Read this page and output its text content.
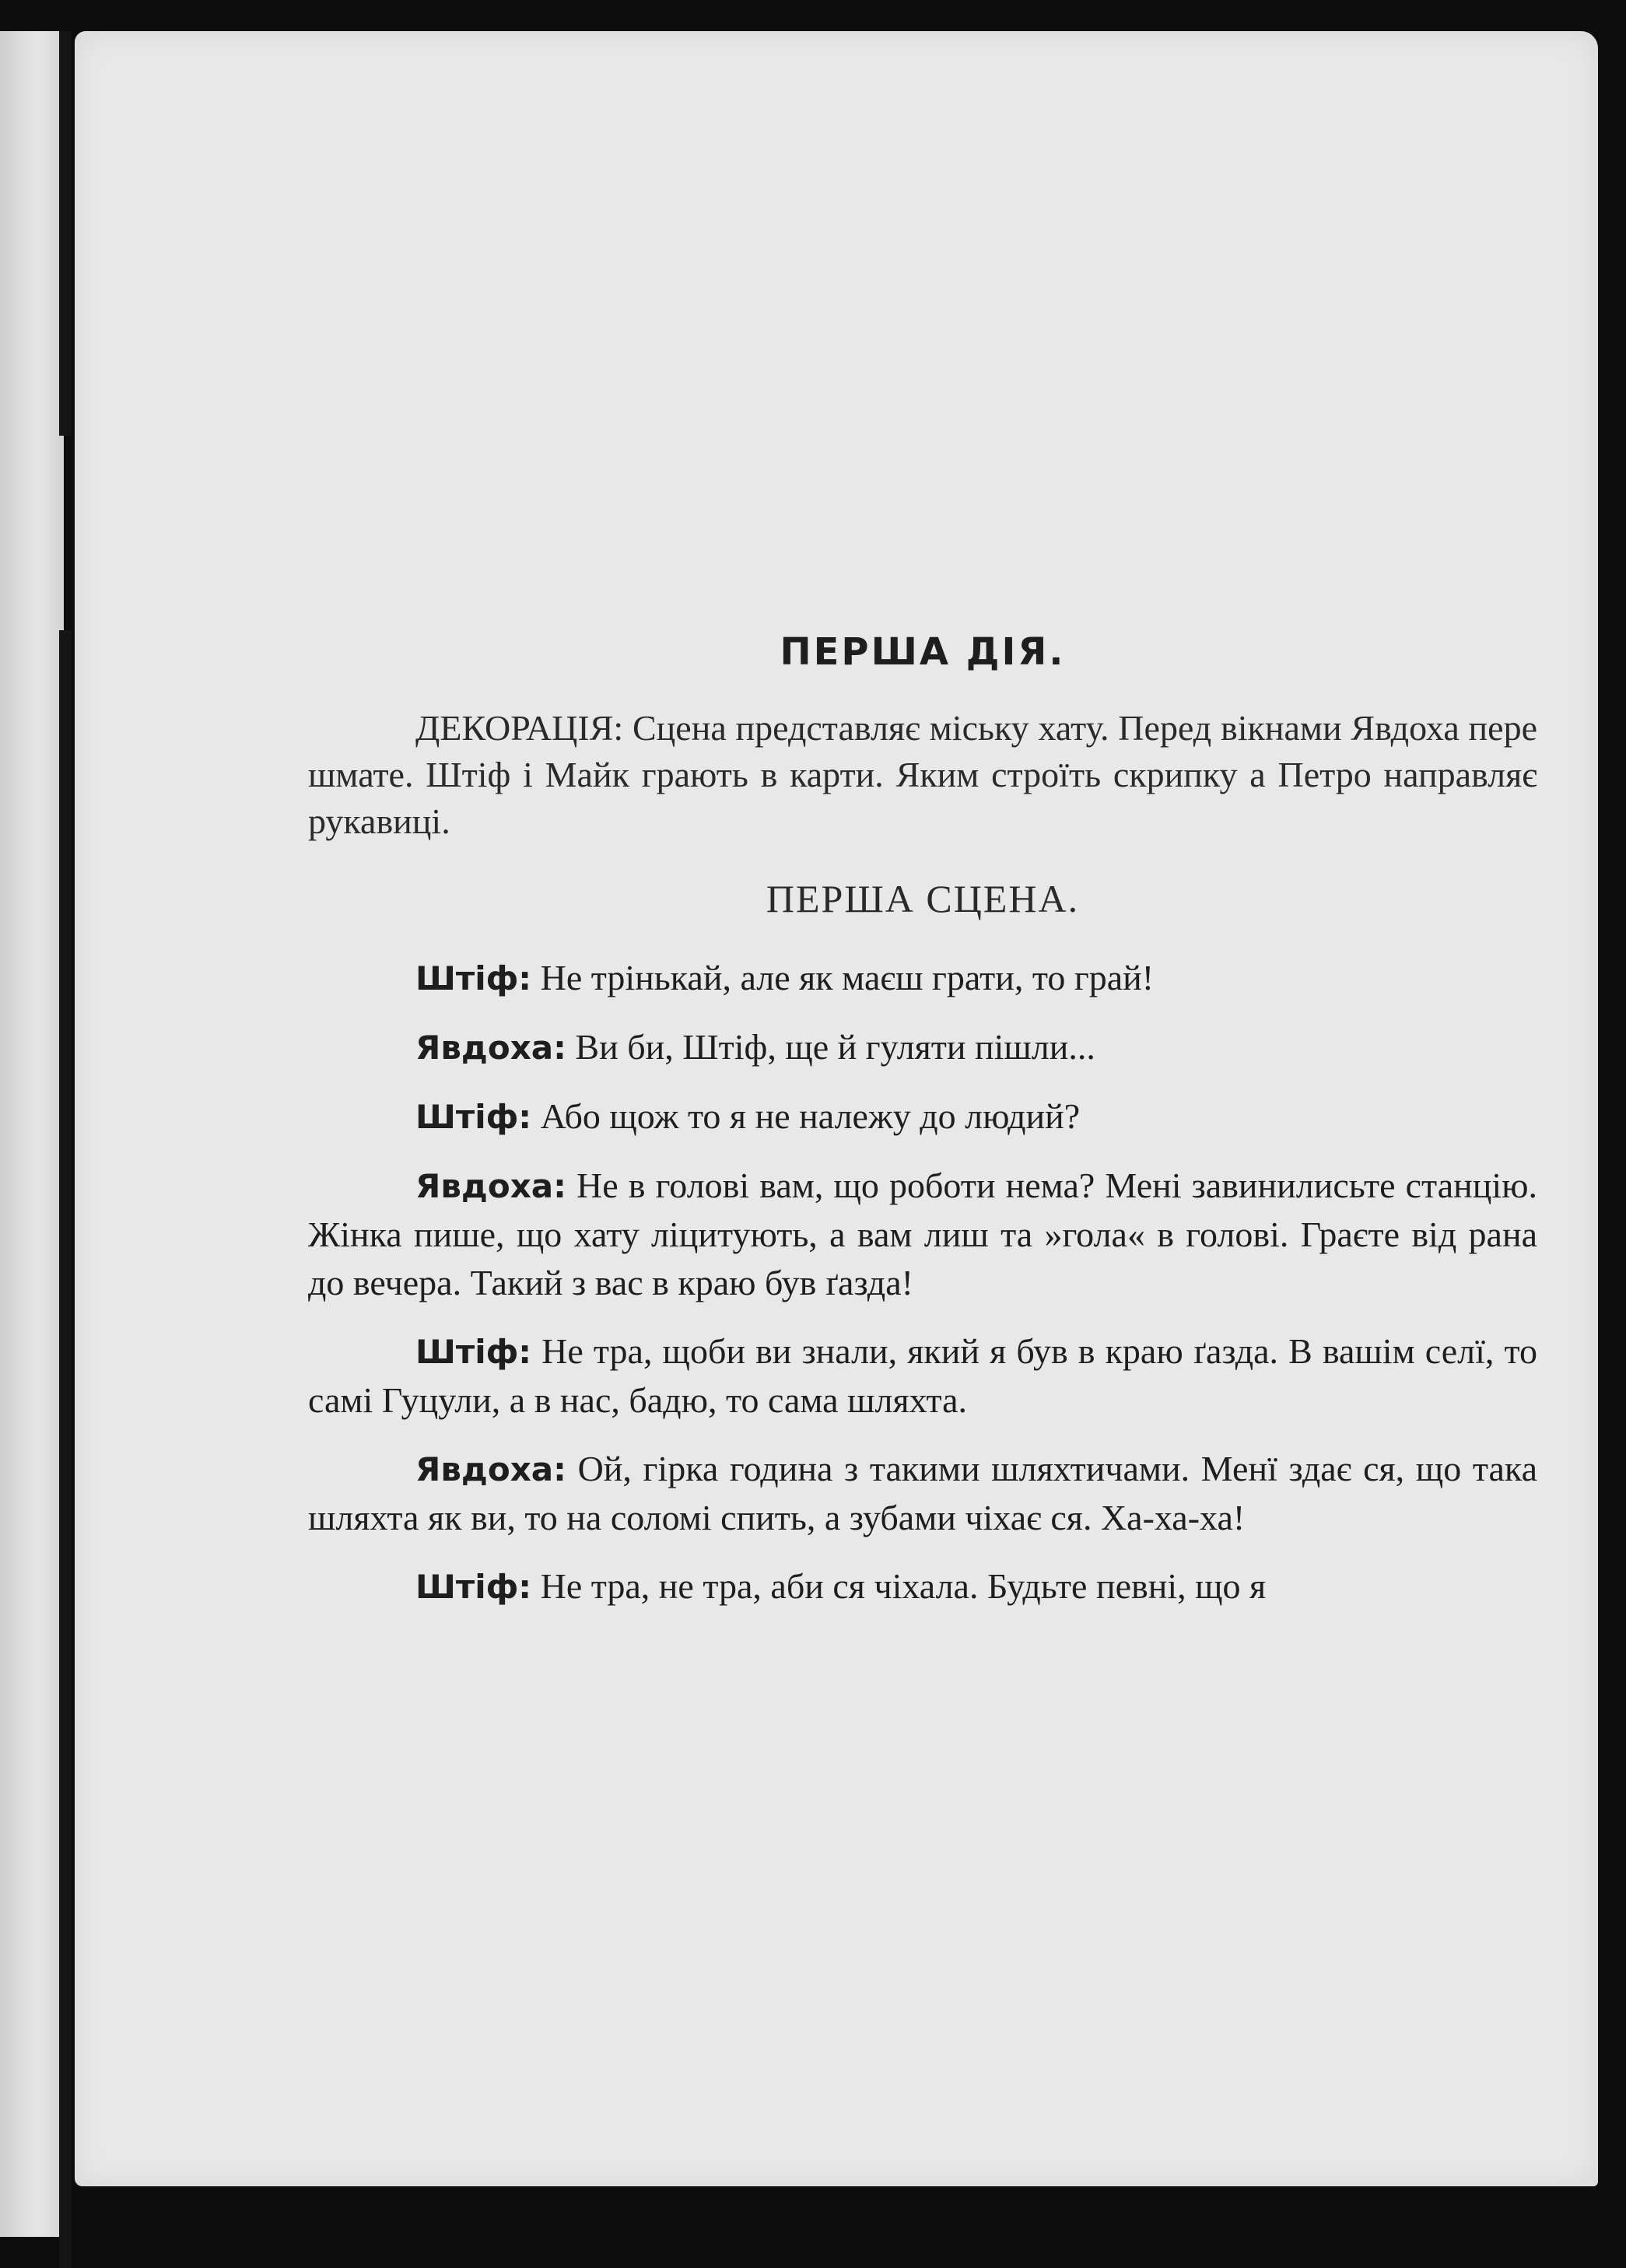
ПЕРША ДІЯ.

ДЕКОРАЦІЯ: Сцена представляє міську хату. Перед вікнами Явдоха пере шмате. Штіф і Майк грають в карти. Яким строїть скрипку а Петро направляє рукавиці.

ПЕРША СЦЕНА.

Штіф: Не трінькай, але як маєш грати, то грай!

Явдоха: Ви би, Штіф, ще й гуляти пішли...

Штіф: Або щож то я не належу до людий?

Явдоха: Не в голові вам, що роботи нема? Мені завинилисьте станцію. Жінка пише, що хату ліцитують, а вам лиш та »гола« в голові. Граєте від рана до вечера. Такий з вас в краю був ґазда!

Штіф: Не тра, щоби ви знали, який я був в краю ґазда. В вашім селї, то самі Гуцули, а в нас, бадю, то сама шляхта.

Явдоха: Ой, гірка година з такими шляхтичами. Менї здає ся, що така шляхта як ви, то на соломі спить, а зубами чіхає ся. Ха-ха-ха!

Штіф: Не тра, не тра, аби ся чіхала. Будьте певні, що я
